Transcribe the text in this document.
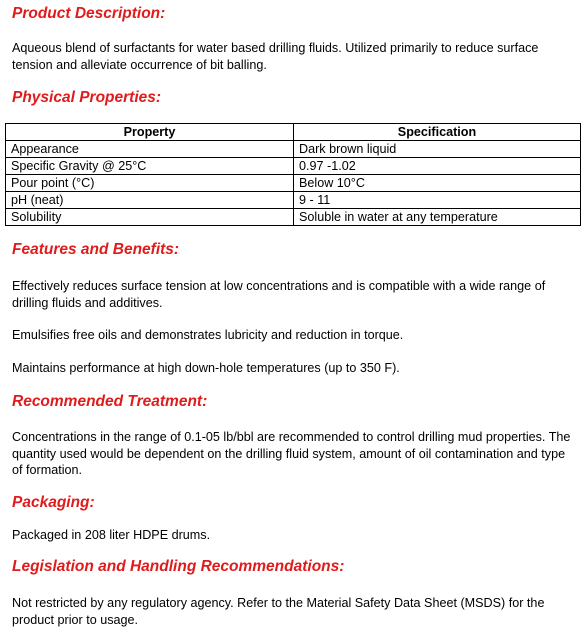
Product Description:

Aqueous blend of surfactants for water based drilling fluids. Utilized primarily to reduce surface tension and alleviate occurrence of bit balling.

Physical Properties:
Property	Specification
Appearance	Dark brown liquid
Specific Gravity @ 25°C	0.97 -1.02
Pour point (°C)	Below 10°C
pH (neat)	9 - 11
Solubility	Soluble in water at any temperature
Features and Benefits:

Effectively reduces surface tension at low concentrations and is compatible with a wide range of drilling fluids and additives.

Emulsifies free oils and demonstrates lubricity and reduction in torque.

Maintains performance at high down-hole temperatures (up to 350 F).

Recommended Treatment:

Concentrations in the range of 0.1-05 lb/bbl are recommended to control drilling mud properties. The quantity used would be dependent on the drilling fluid system, amount of oil contamination and type of formation.

Packaging:

Packaged in 208 liter HDPE drums.

Legislation and Handling Recommendations:

Not restricted by any regulatory agency. Refer to the Material Safety Data Sheet (MSDS) for the product prior to usage.
